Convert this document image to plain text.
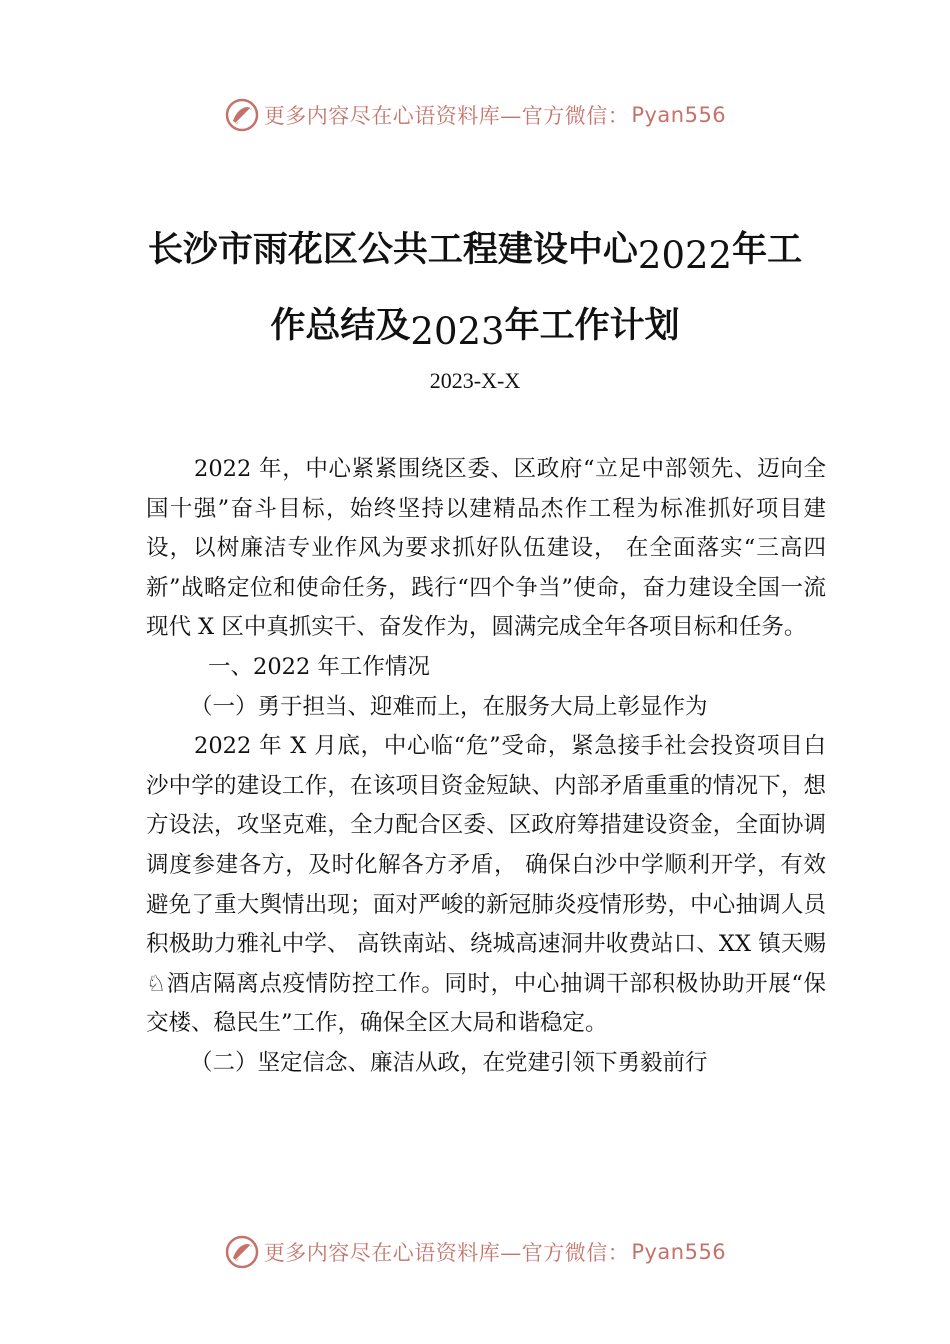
更多内容尽在心语资料库—官方微信： Pyan556
长沙市雨花区公共工程建设中心2022年工
作总结及2023年工作计划
2023-X-X

2022 年，中心紧紧围绕区委、区政府“立足中部领先、迈向全国十强”奋斗目标，始终坚持以建精品杰作工程为标准抓好项目建设，以树廉洁专业作风为要求抓好队伍建设， 在全面落实“三高四新”战略定位和使命任务，践行“四个争当”使命，奋力建设全国一流现代 X 区中真抓实干、奋发作为，圆满完成全年各项目标和任务。

一、2022 年工作情况

（一）勇于担当、迎难而上，在服务大局上彰显作为

2022 年 X 月底，中心临“危”受命，紧急接手社会投资项目白沙中学的建设工作，在该项目资金短缺、内部矛盾重重的情况下，想方设法，攻坚克难，全力配合区委、区政府筹措建设资金，全面协调调度参建各方，及时化解各方矛盾， 确保白沙中学顺利开学，有效避免了重大舆情出现；面对严峻的新冠肺炎疫情形势，中心抽调人员积极助力雅礼中学、 高铁南站、绕城高速洞井收费站口、XX 镇天赐♘酒店隔离点疫情防控工作。同时，中心抽调干部积极协助开展“保交楼、稳民生”工作，确保全区大局和谐稳定。

（二）坚定信念、廉洁从政，在党建引领下勇毅前行

更多内容尽在心语资料库—官方微信： Pyan556
